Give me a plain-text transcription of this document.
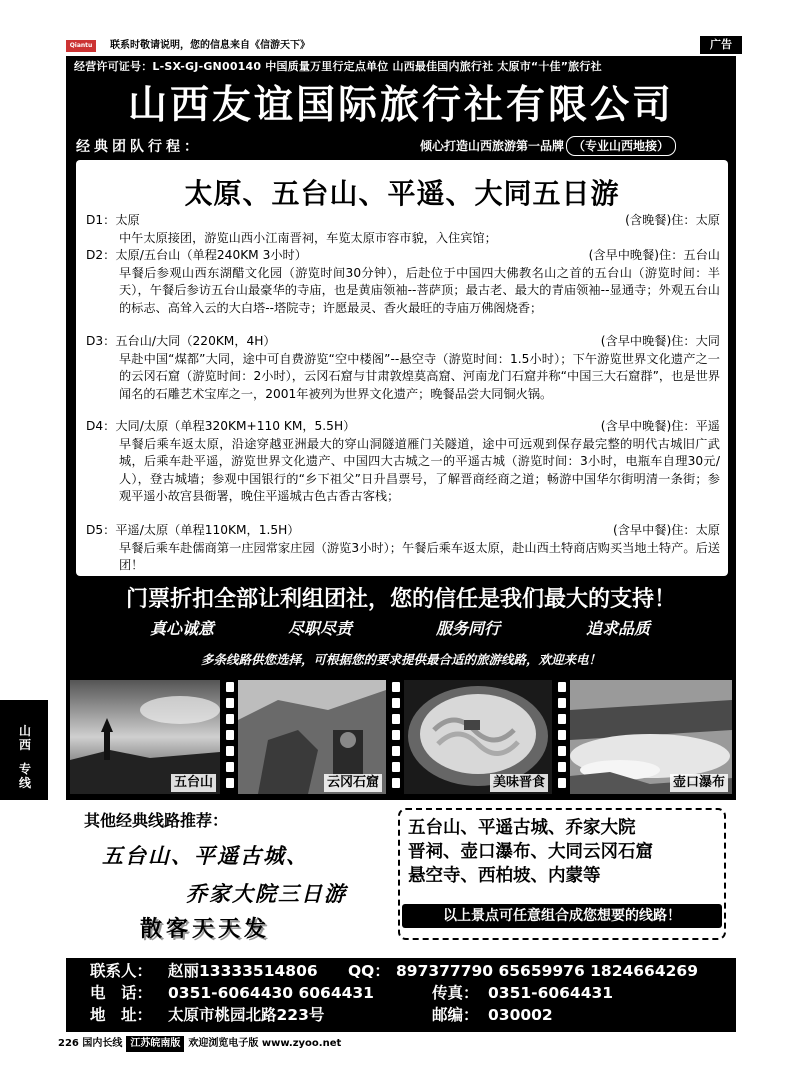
Qiantu	联系时敬请说明，您的信息来自《信游天下》	广告
经营许可证号：L-SX-GJ-GN00140 中国质量万里行定点单位 山西最佳国内旅行社 太原市“十佳”旅行社
山西友谊国际旅行社有限公司
经典团队行程：	倾心打造山西旅游第一品牌 （专业山西地接）
太原、五台山、平遥、大同五日游
D1：太原	(含晚餐)住：太原
中午太原接团，游览山西小江南晋祠，车览太原市容市貌，入住宾馆；
D2：太原/五台山（单程240KM 3小时）	(含早中晚餐)住：五台山
早餐后参观山西东湖醋文化园（游览时间30分钟），后赴位于中国四大佛教名山之首的五台山（游览时间：半天），午餐后参访五台山最豪华的寺庙，也是黄庙领袖--菩萨顶；最古老、最大的青庙领袖--显通寺；外观五台山的标志、高耸入云的大白塔--塔院寺；许愿最灵、香火最旺的寺庙万佛阁烧香；
D3：五台山/大同（220KM，4H）	(含早中晚餐)住：大同
早赴中国“煤都”大同，途中可自费游览“空中楼阁”--悬空寺（游览时间：1.5小时）；下午游览世界文化遗产之一的云冈石窟（游览时间：2小时），云冈石窟与甘肃敦煌莫高窟、河南龙门石窟并称“中国三大石窟群”，也是世界闻名的石雕艺术宝库之一，2001年被列为世界文化遗产；晚餐品尝大同铜火锅。
D4：大同/太原（单程320KM+110 KM，5.5H）	(含早中晚餐)住：平遥
早餐后乘车返太原，沿途穿越亚洲最大的穿山洞隧道雁门关隧道，途中可远观到保存最完整的明代古城旧广武城，后乘车赴平遥，游览世界文化遗产、中国四大古城之一的平遥古城（游览时间：3小时，电瓶车自理30元/人），登古城墙；参观中国银行的“乡下祖父”日升昌票号，了解晋商经商之道；畅游中国华尔街明清一条街；参观平遥小故宫县衙署，晚住平遥城古色古香古客栈；
D5：平遥/太原（单程110KM，1.5H）	(含早中餐)住：太原
早餐后乘车赴儒商第一庄园常家庄园（游览3小时）；午餐后乘车返太原，赴山西土特商店购买当地土特产。后送团！
门票折扣全部让利组团社，您的信任是我们最大的支持！
真心诚意	尽职尽责	服务同行	追求品质
多条线路供您选择，可根据您的要求提供最合适的旅游线路，欢迎来电！
五台山	云冈石窟	美味晋食	壶口瀑布
山西
专线
其他经典线路推荐：
五台山、平遥古城、
乔家大院三日游
散客天天发
五台山、平遥古城、乔家大院
晋祠、壶口瀑布、大同云冈石窟
悬空寺、西柏坡、内蒙等
以上景点可任意组合成您想要的线路！
联系人： 赵丽13333514806 QQ： 897377790 65659976 1824664269
电　话： 0351-6064430 6064431	传真： 0351-6064431
地　址： 太原市桃园北路223号	邮编： 030002
226 国内长线 江苏皖南版 欢迎浏览电子版 www.zyoo.net
